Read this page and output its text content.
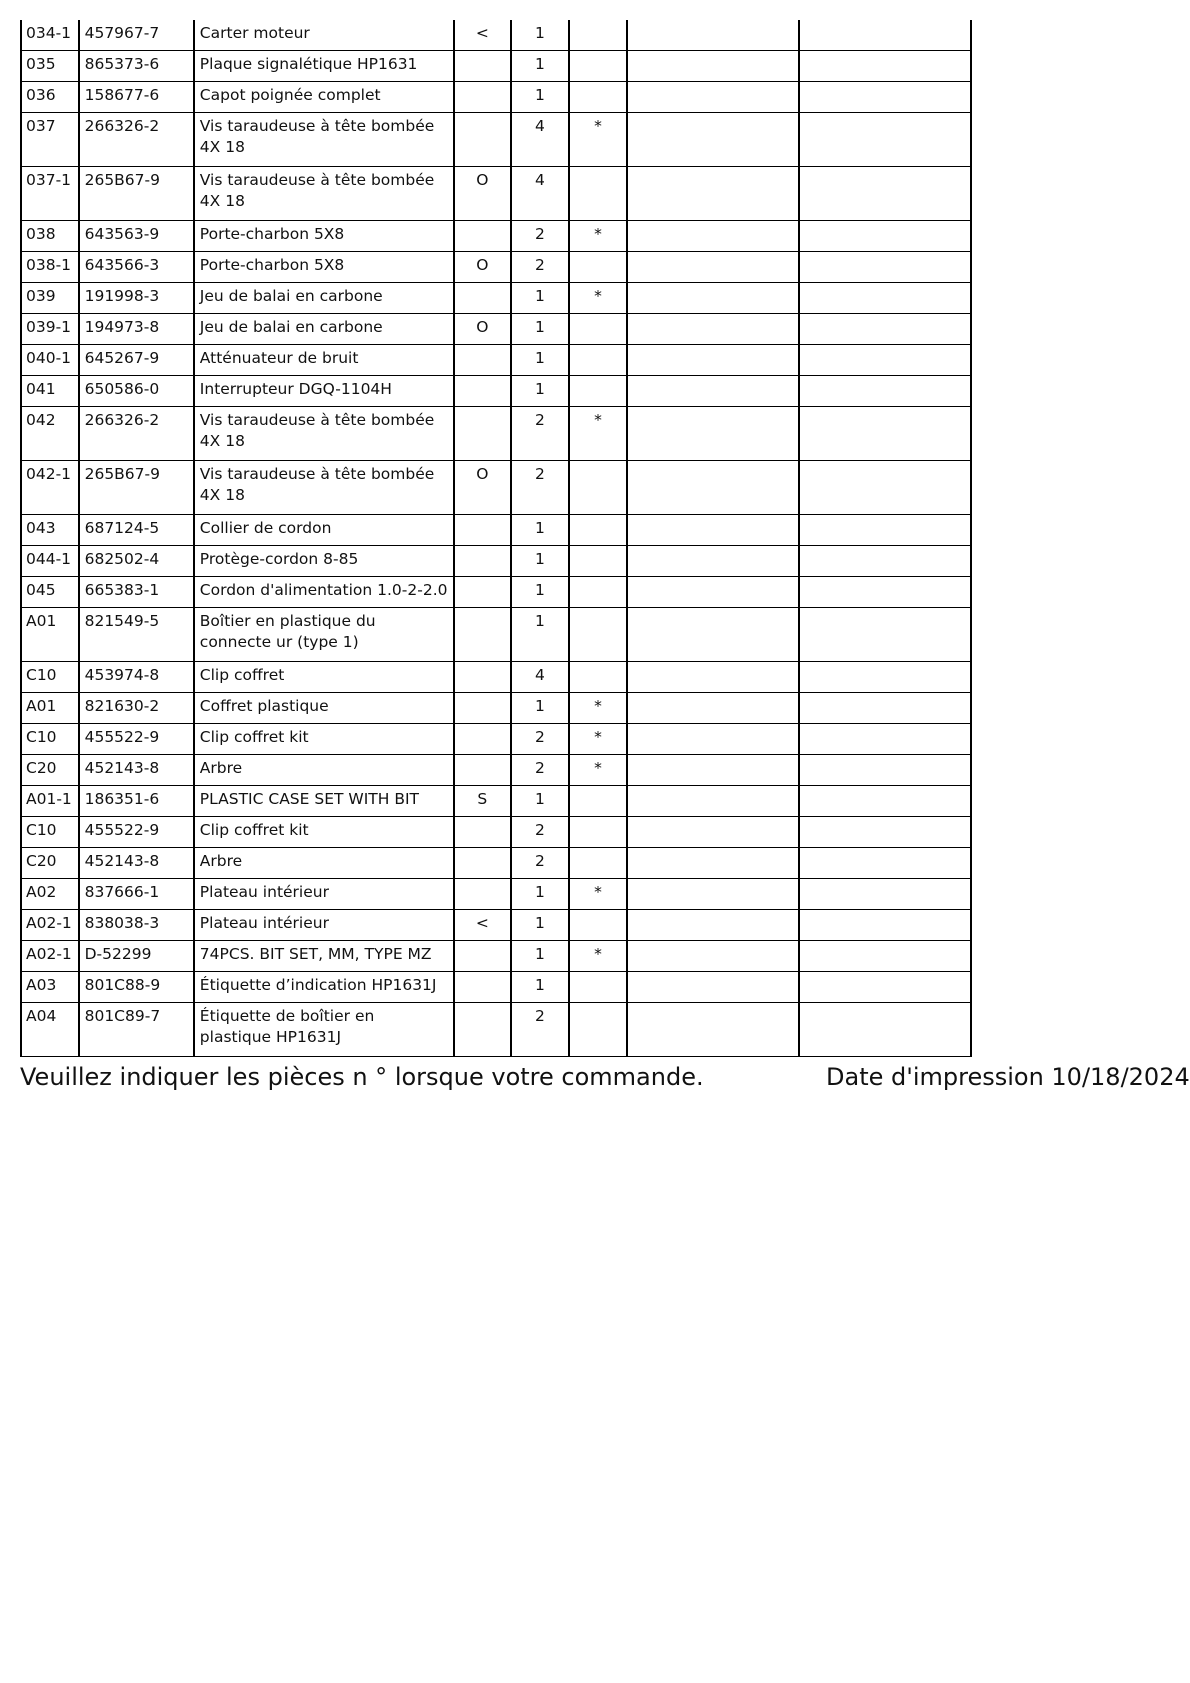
034-1	457967-7	Carter moteur	<	1			
035	865373-6	Plaque signalétique HP1631		1			
036	158677-6	Capot poignée complet		1			
037	266326-2	Vis taraudeuse à tête bombée 4X 18		4	*		
037-1	265B67-9	Vis taraudeuse à tête bombée 4X 18	O	4			
038	643563-9	Porte-charbon 5X8		2	*		
038-1	643566-3	Porte-charbon 5X8	O	2			
039	191998-3	Jeu de balai en carbone		1	*		
039-1	194973-8	Jeu de balai en carbone	O	1			
040-1	645267-9	Atténuateur de bruit		1			
041	650586-0	Interrupteur DGQ-1104H		1			
042	266326-2	Vis taraudeuse à tête bombée 4X 18		2	*		
042-1	265B67-9	Vis taraudeuse à tête bombée 4X 18	O	2			
043	687124-5	Collier de cordon		1			
044-1	682502-4	Protège-cordon 8-85		1			
045	665383-1	Cordon d'alimentation 1.0-2-2.0		1			
A01	821549-5	Boîtier en plastique du connecte ur (type 1)		1			
C10	453974-8	Clip coffret		4			
A01	821630-2	Coffret plastique		1	*		
C10	455522-9	Clip coffret kit		2	*		
C20	452143-8	Arbre		2	*		
A01-1	186351-6	PLASTIC CASE SET WITH BIT	S	1			
C10	455522-9	Clip coffret kit		2			
C20	452143-8	Arbre		2			
A02	837666-1	Plateau intérieur		1	*		
A02-1	838038-3	Plateau intérieur	<	1			
A02-1	D-52299	74PCS. BIT SET, MM, TYPE MZ		1	*		
A03	801C88-9	Étiquette d’indication HP1631J		1			
A04	801C89-7	Étiquette de boîtier en plastique HP1631J		2			
Veuillez indiquer les pièces n ° lorsque votre commande.	Date d'impression 10/18/2024
